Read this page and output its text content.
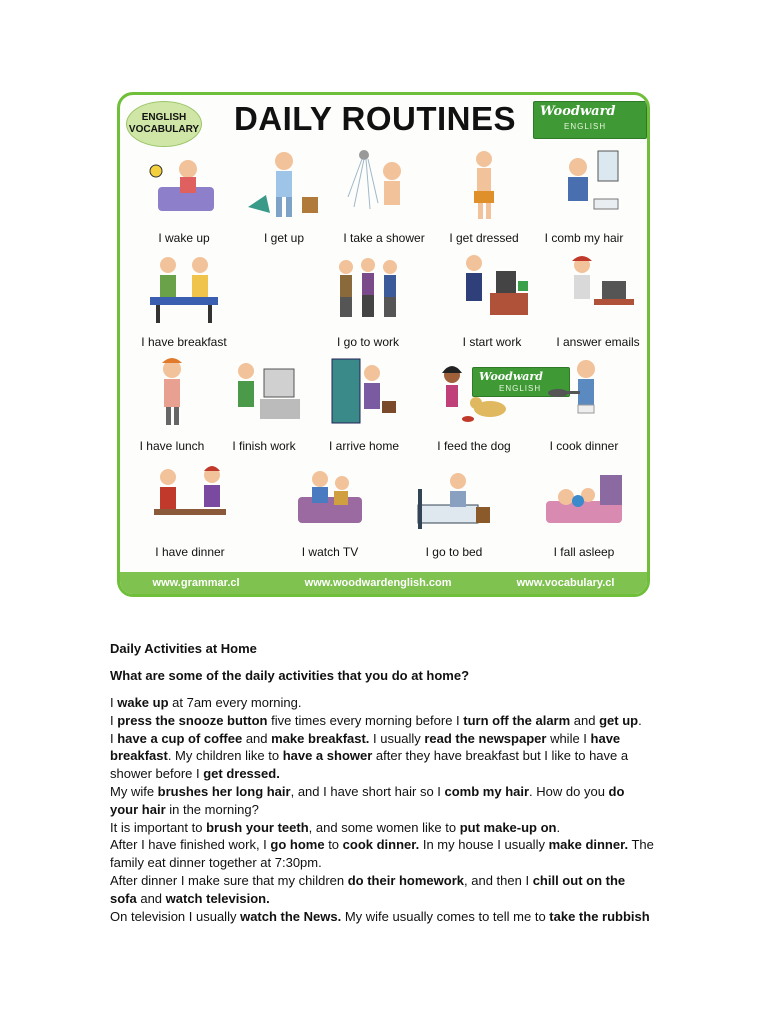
ENGLISH
VOCABULARY DAILY ROUTINES	Woodward
ENGLISH
I wake up	I get up	I take a shower	I get dressed	I comb my hair
I have breakfast	I go to work	I start work	I answer emails
I have lunch	I finish work	I arrive home	I feed the dog
Woodward
ENGLISH
I cook dinner
I have dinner	I watch TV	I go to bed	I fall asleep
www.grammar.cl	www.woodwardenglish.com	www.vocabulary.cl
Daily Activities at Home
What are some of the daily activities that you do at home?

I wake up at 7am every morning.

I press the snooze button five times every morning before I turn off the alarm and get up.

I have a cup of coffee and make breakfast. I usually read the newspaper while I have breakfast. My children like to have a shower after they have breakfast but I like to have a shower before I get dressed.

My wife brushes her long hair, and I have short hair so I comb my hair. How do you do your hair in the morning?

It is important to brush your teeth, and some women like to put make-up on.

After I have finished work, I go home to cook dinner. In my house I usually make dinner. The family eat dinner together at 7:30pm.

After dinner I make sure that my children do their homework, and then I chill out on the sofa and watch television.

On television I usually watch the News. My wife usually comes to tell me to take the rubbish
